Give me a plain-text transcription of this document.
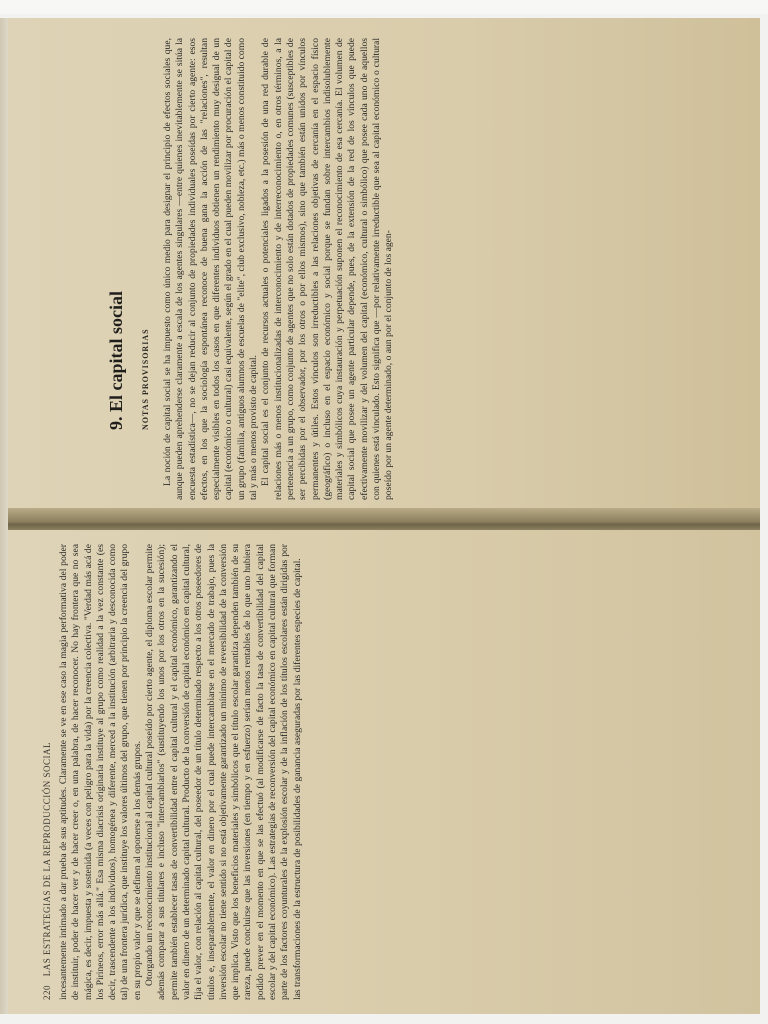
220 LAS ESTRATEGIAS DE LA REPRODUCCIÓN SOCIAL incesantemente intimado a dar prueba de sus aptitudes. Claramente se ve en ese caso la magia performativa del poder de instituir, poder de hacer ver y de hacer creer o, en una palabra, de hacer reconocer. No hay frontera que no sea mágica, es decir, impuesta y sostenida (a veces con peligro para la vida) por la creencia colectiva. "Verdad más acá de los Pirineos, error más allá." Esa misma diacrisis originaria instituye al grupo como realidad a la vez constante (es decir, trascendente a los individuos), homogénea y diferente, merced a la institución (arbitraria y desconocida como tal) de una frontera jurídica, que instituye los valores últimos del grupo, que tienen por principio la creencia del grupo en su propio valor y que se definen al oponerse a los demás grupos. Otorgando un reconocimiento institucional al capital cultural poseído por cierto agente, el diploma escolar permite además comparar a sus titulares e incluso "intercambiarlos" (sustituyendo los unos por los otros en la sucesión); permite también establecer tasas de convertibilidad entre el capital cultural y el capital económico, garantizando el valor en dinero de un determinado capital cultural. Producto de la conversión de capital económico en capital cultural, fija el valor, con relación al capital cultural, del poseedor de un título determinado respecto a los otros poseedores de títulos e, inseparablemente, el valor en dinero por el cual puede intercambiarse en el mercado de trabajo, pues la inversión escolar no tiene sentido si no está objetivamente garantizado un mínimo de reversibilidad de la conversión que implica. Visto que los beneficios materiales y simbólicos que el título escolar garantiza dependen también de su rareza, puede concluirse que las inversiones (en tiempo y en esfuerzo) serían menos rentables de lo que uno hubiera podido prever en el momento en que se las efectuó (al modificarse de facto la tasa de convertibilidad del capital escolar y del capital económico). Las estrategias de reconversión del capital económico en capital cultural que forman parte de los factores coyunturales de la explosión escolar y de la inflación de los títulos escolares están dirigidas por las transformaciones de la estructura de posibilidades de ganancia aseguradas por las diferentes especies de capital.

9. El capital social NOTAS PROVISORIAS La noción de capital social se ha impuesto como único medio para designar el principio de efectos sociales que, aunque pueden aprehenderse claramente a escala de los agentes singulares —entre quienes inevitablemente se sitúa la encuesta estadística—, no se dejan reducir al conjunto de propiedades individuales poseídas por cierto agente: esos efectos, en los que la sociología espontánea reconoce de buena gana la acción de las "relaciones", resultan especialmente visibles en todos los casos en que diferentes individuos obtienen un rendimiento muy desigual de un capital (económico o cultural) casi equivalente, según el grado en el cual pueden movilizar por procuración el capital de un grupo (familia, antiguos alumnos de escuelas de "elite", club exclusivo, nobleza, etc.) más o menos constituido como tal y más o menos provisto de capital. El capital social es el conjunto de recursos actuales o potenciales ligados a la posesión de una red durable de relaciones más o menos institucionalizadas de interconocimiento y de interreconocimiento o, en otros términos, a la pertenencia a un grupo, como conjunto de agentes que no solo están dotados de propiedades comunes (susceptibles de ser percibidas por el observador, por los otros o por ellos mismos), sino que también están unidos por vínculos permanentes y útiles. Estos vínculos son irreductibles a las relaciones objetivas de cercanía en el espacio físico (geográfico) o incluso en el espacio económico y social porque se fundan sobre intercambios indisolublemente materiales y simbólicos cuya instauración y perpetuación suponen el reconocimiento de esa cercanía. El volumen de capital social que posee un agente particular depende, pues, de la extensión de la red de los vínculos que puede efectivamente movilizar y del volumen del capital (económico, cultural o simbólico) que posee cada uno de aquellos con quienes está vinculado. Esto significa que —por relativamente irreductible que sea al capital económico o cultural poseído por un agente determinado, o aun por el conjunto de los agen-
